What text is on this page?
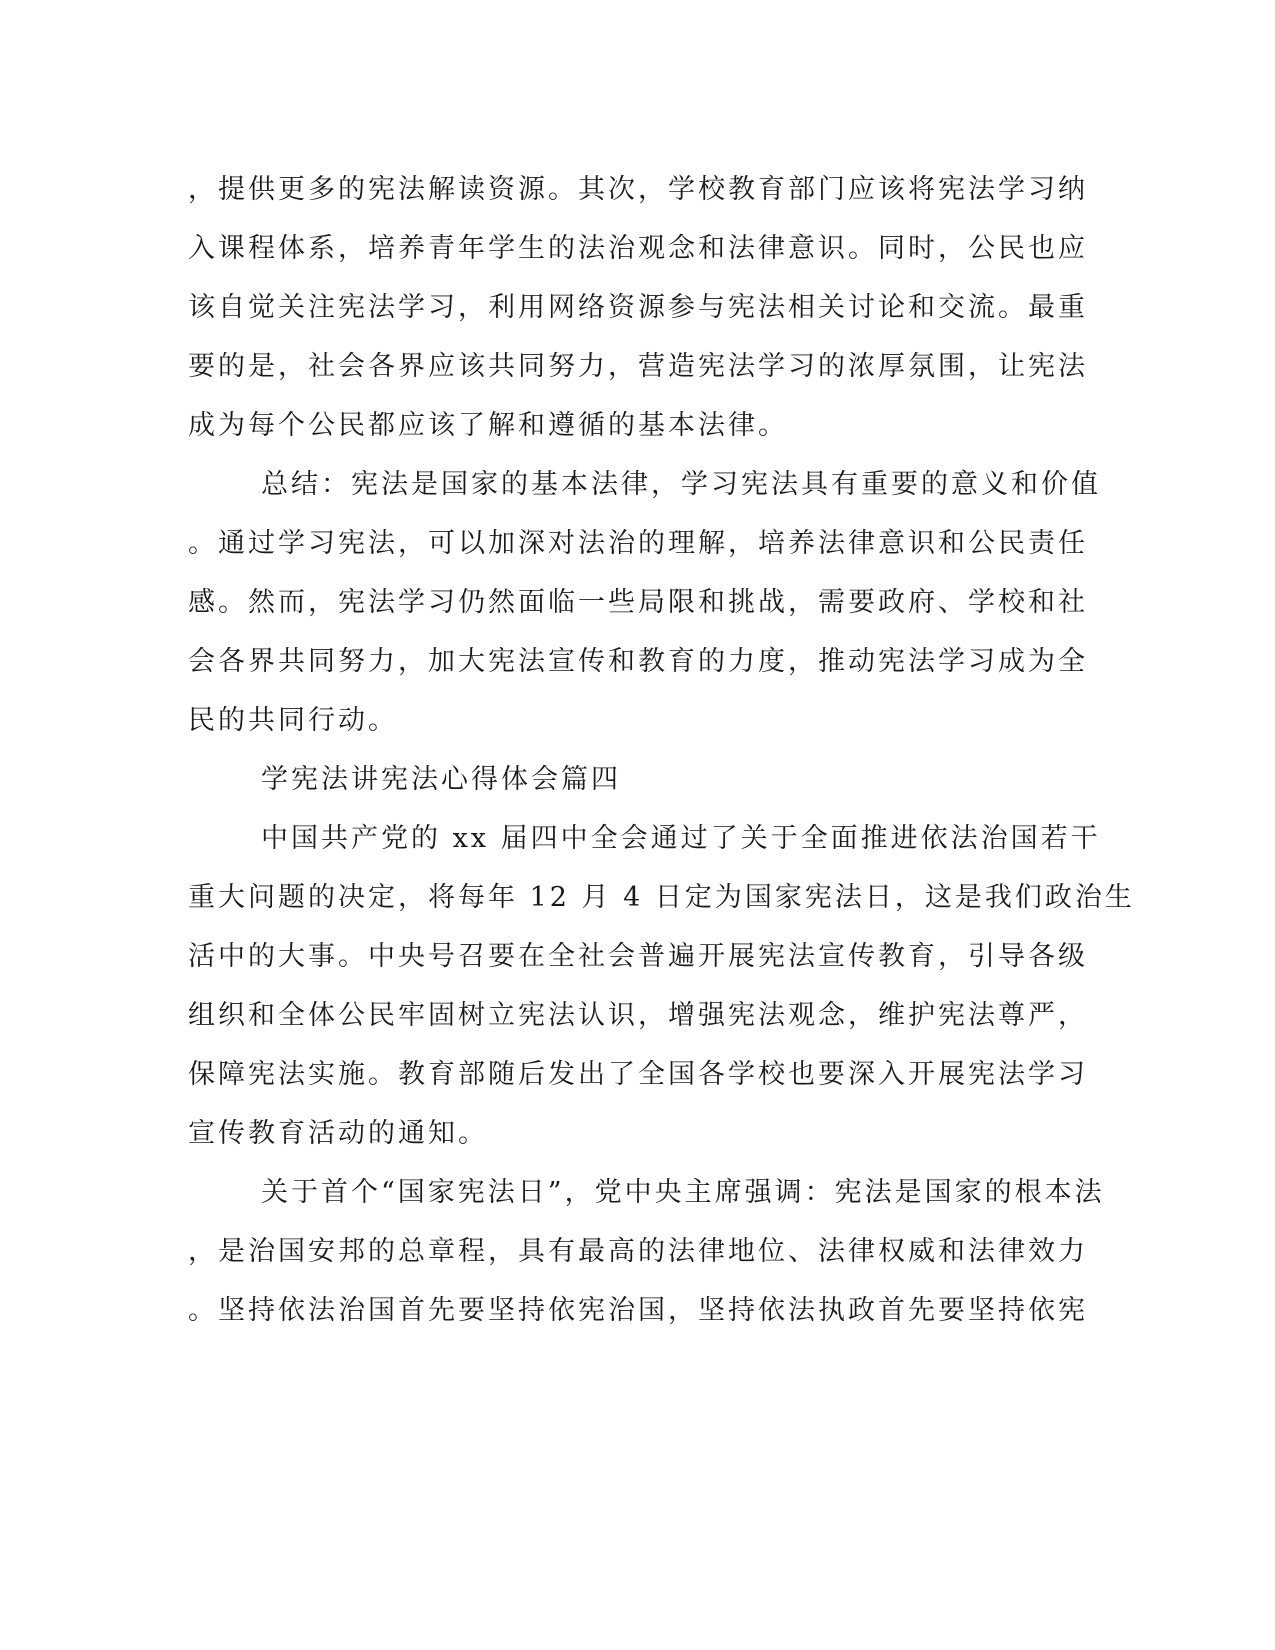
，提供更多的宪法解读资源。其次，学校教育部门应该将宪法学习纳
入课程体系，培养青年学生的法治观念和法律意识。同时，公民也应
该自觉关注宪法学习，利用网络资源参与宪法相关讨论和交流。最重
要的是，社会各界应该共同努力，营造宪法学习的浓厚氛围，让宪法
成为每个公民都应该了解和遵循的基本法律。
总结：宪法是国家的基本法律，学习宪法具有重要的意义和价值
。通过学习宪法，可以加深对法治的理解，培养法律意识和公民责任
感。然而，宪法学习仍然面临一些局限和挑战，需要政府、学校和社
会各界共同努力，加大宪法宣传和教育的力度，推动宪法学习成为全
民的共同行动。
学宪法讲宪法心得体会篇四
中国共产党的 xx 届四中全会通过了关于全面推进依法治国若干
重大问题的决定，将每年 12 月 4 日定为国家宪法日，这是我们政治生
活中的大事。中央号召要在全社会普遍开展宪法宣传教育，引导各级
组织和全体公民牢固树立宪法认识，增强宪法观念，维护宪法尊严，
保障宪法实施。教育部随后发出了全国各学校也要深入开展宪法学习
宣传教育活动的通知。
关于首个“国家宪法日”，党中央主席强调：宪法是国家的根本法
，是治国安邦的总章程，具有最高的法律地位、法律权威和法律效力
。坚持依法治国首先要坚持依宪治国，坚持依法执政首先要坚持依宪
